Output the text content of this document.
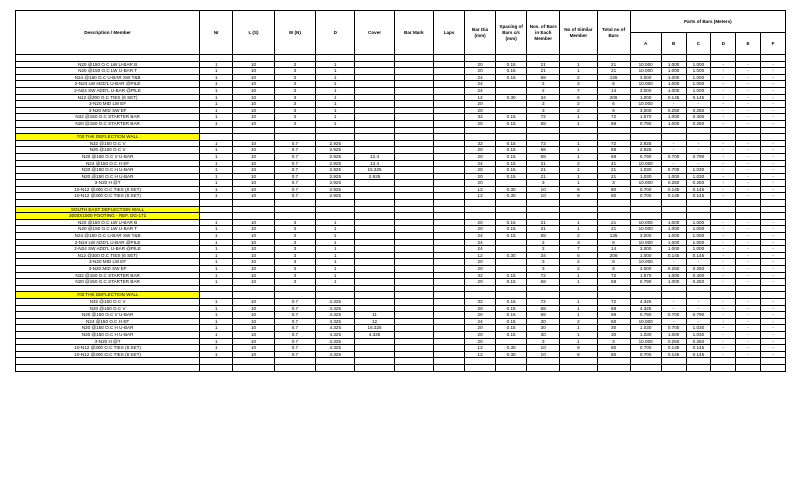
Description / Member	Nr	L (S)	W (N)	D	Cover	Bar Mark	Laps	Bar Dia (mm)	Spacing of Bars c/c (mm)	Nos. of Bars in Each Member	No of Similar Member	Total no of Bars	Parts of Bars (Meters)					
													A	B	C	D	E	F

N20 @150 O.C LW U-BAR B	1	10	3	1				20	0.15	21	1	21	10.000	1.000	1.000	-	-	-
N20 @150 O.C LW U-BAR T	1	10	3	1				20	0.15	21	1	21	10.000	1.000	1.000	-	-	-
N24 @150 O.C U-BAR SW T&B	1	10	3	1				24	0.15	68	2	135	3.000	1.000	1.000	-	-	-
2-N24 LW ADD'L U-BAR @PILE	1	10	3	1				24		2	3	6	10.000	1.000	1.000	-	-	-
2-N24 SW ADD'L U-BAR @PILE	1	10	3	1				24		2	7	14	3.000	1.000	1.000	-	-	-
N12 @300 O.C TIES (6 SET)	1	10	3	1				12	0.30	34	6	206	1.000	0.145	0.145	-	-	-
3-N20 MID LW EF	1	10	3	1				20		3	2	6	10.000	-	-	-	-	-
3-N20 MID SW EF	1	10	3	1				20		3	2	6	3.000	0.250	0.250	-	-	-
N32 @150 O.C STARTER BAR	1	10	3	1				32	0.15	72	1	72	1.570	1.000	0.400	-	-	-
N20 @150 O.C STARTER BAR	1	10	3	1				20	0.15	68	1	68	0.790	1.000	0.250	-	-	-

700 THK DEFLECTION WALL																		
N32 @150 O.C V	1	10	0.7	2.925				32	0.15	72	1	72	2.925	-	-	-	-	-
N20 @150 O.C V	1	10	0.7	2.925				20	0.15	68	1	68	2.925	-	-	-	-	-
N20 @150 O.C V U-BAR	1	10	0.7	2.925	12.4			20	0.15	68	1	68	0.790	0.700	0.790	-	-	-
N24 @150 O.C H EF	1	10	0.7	2.925	13.4			24	0.15	21	2	41	10.000	-	-	-	-	-
N20 @150 O.C H U-BAR	1	10	0.7	2.925	16.325			20	0.15	21	1	21	1.030	0.700	1.030	-	-	-
N20 @150 O.C H U-BAR	1	10	0.7	2.925	2.925			20	0.15	21	1	21	1.030	1.000	1.030	-	-	-
3-N20 H @T	1	10	0.7	2.925				20		3	1	3	10.000	0.250	0.250	-	-	-
10-N12 @300 O.C TIES (8 SET)	1	10	0.7	2.925				12	0.30	10	8	80	0.700	0.145	0.145	-	-	-
10-N12 @300 O.C TIES (8 SET)	1	10	0.7	2.925				12	0.30	10	8	80	0.700	0.145	0.145	-	-	-

SOUTH EAST DEFLECTION WALL																		
3000X1000 FOOTING - REF. DG-171																		
N20 @150 O.C LW U-BAR B	1	10	3	1				20	0.15	21	1	21	10.000	1.000	1.000	-	-	-
N20 @150 O.C LW U-BAR T	1	10	3	1				20	0.15	21	1	21	10.000	1.000	1.000	-	-	-
N24 @150 O.C U-BAR SW T&B	1	10	3	1				24	0.15	68	2	135	3.000	1.000	1.000	-	-	-
2-N24 LW ADD'L U-BAR @PILE	1	10	3	1				24		2	3	6	10.000	1.000	1.000	-	-	-
2-N24 SW ADD'L U-BAR @PILE	1	10	3	1				24		2	7	14	3.000	1.000	1.000	-	-	-
N12 @300 O.C TIES (6 SET)	1	10	3	1				12	0.30	34	6	206	1.000	0.145	0.145	-	-	-
3-N20 MID LW EF	1	10	3	1				20		3	2	6	10.000	-	-	-	-	-
3-N20 MID SW EF	1	10	3	1				20		3	2	6	3.000	0.250	0.250	-	-	-
N32 @150 O.C STARTER BAR	1	10	3	1				32	0.15	72	1	72	1.570	1.000	0.400	-	-	-
N20 @150 O.C STARTER BAR	1	10	3	1				20	0.15	68	1	68	0.790	1.000	0.250	-	-	-

700 THK DEFLECTION WALL																		
N32 @150 O.C V	1	10	0.7	4.325				32	0.15	72	1	72	4.325	-	-	-	-	-
N20 @150 O.C V	1	10	0.7	4.325				20	0.15	68	1	68	4.325	-	-	-	-	-
N20 @150 O.C V U-BAR	1	10	0.7	4.325	11			20	0.15	68	1	68	0.790	0.700	0.790	-	-	-
N24 @150 O.C H EF	1	10	0.7	4.325	12			24	0.15	30	2	60	10.000	-	-	-	-	-
N20 @150 O.C H U-BAR	1	10	0.7	4.325	16.325			20	0.15	30	1	30	1.030	0.700	1.030	-	-	-
N20 @150 O.C H U-BAR	1	10	0.7	4.325	4.325			20	0.15	30	1	30	1.030	1.000	1.030	-	-	-
3-N20 H @T	1	10	0.7	4.325				20		3	1	3	10.000	0.250	0.250	-	-	-
10-N12 @300 O.C TIES (8 SET)	1	10	0.7	4.325				12	0.30	10	8	80	0.700	0.145	0.145	-	-	-
10-N12 @300 O.C TIES (8 SET)	1	10	0.7	4.325				12	0.30	10	8	80	0.700	0.145	0.145	-	-	-
